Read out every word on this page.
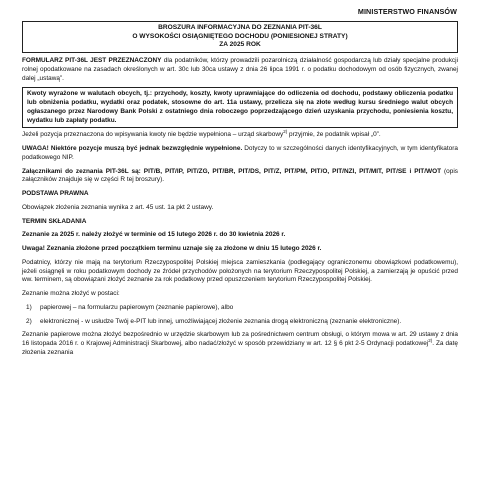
MINISTERSTWO FINANSÓW
BROSZURA INFORMACYJNA DO ZEZNANIA PIT-36L
O WYSOKOŚCI OSIĄGNIĘTEGO DOCHODU (PONIESIONEJ STRATY)
ZA 2025 ROK

FORMULARZ PIT-36L JEST PRZEZNACZONY dla podatników, którzy prowadzili pozarolniczą działalność gospodarczą lub działy specjalne produkcji rolnej opodatkowane na zasadach określonych w art. 30c lub 30ca ustawy z dnia 26 lipca 1991 r. o podatku dochodowym od osób fizycznych, zwanej dalej „ustawą”.

Kwoty wyrażone w walutach obcych, tj.: przychody, koszty, kwoty uprawniające do odliczenia od dochodu, podstawy obliczenia podatku lub obniżenia podatku, wydatki oraz podatek, stosowne do art. 11a ustawy, przelicza się na złote według kursu średniego walut obcych ogłaszanego przez Narodowy Bank Polski z ostatniego dnia roboczego poprzedzającego dzień uzyskania przychodu, poniesienia kosztu, wydatku lub zapłaty podatku.

Jeżeli pozycja przeznaczona do wpisywania kwoty nie będzie wypełniona – urząd skarbowy$^{2)}$ przyjmie, że podatnik wpisał „0”.

UWAGA! Niektóre pozycje muszą być jednak bezwzględnie wypełnione. Dotyczy to w szczególności danych identyfikacyjnych, w tym identyfikatora podatkowego NIP.

Załącznikami do zeznania PIT-36L są: PIT/B, PIT/IP, PIT/ZG, PIT/BR, PIT/DS, PIT/Z, PIT/PM, PIT/O, PIT/NZI, PIT/MIT, PIT/SE i PIT/WOT (opis załączników znajduje się w części R tej broszury).

PODSTAWA PRAWNA

Obowiązek złożenia zeznania wynika z art. 45 ust. 1a pkt 2 ustawy.

TERMIN SKŁADANIA

Zeznanie za 2025 r. należy złożyć w terminie od 15 lutego 2026 r. do 30 kwietnia 2026 r.

Uwaga! Zeznania złożone przed początkiem terminu uznaje się za złożone w dniu 15 lutego 2026 r.

Podatnicy, którzy nie mają na terytorium Rzeczypospolitej Polskiej miejsca zamieszkania (podlegający ograniczonemu obowiązkowi podatkowemu), jeżeli osiągnęli w roku podatkowym dochody ze źródeł przychodów położonych na terytorium Rzeczypospolitej Polskiej, a zamierzają je opuścić przed ww. terminem, są obowiązani złożyć zeznanie za rok podatkowy przed opuszczeniem terytorium Rzeczypospolitej Polskiej.

Zeznanie można złożyć w postaci:

1)	papierowej – na formularzu papierowym (zeznanie papierowe), albo
2)	elektronicznej - w usłudze Twój e-PIT lub innej, umożliwiającej złożenie zeznania drogą elektroniczną (zeznanie elektroniczne).

Zeznanie papierowe można złożyć bezpośrednio w urzędzie skarbowym lub za pośrednictwem centrum obsługi, o którym mowa w art. 29 ustawy z dnia 16 listopada 2016 r. o Krajowej Administracji Skarbowej, albo nadać/złożyć w sposób przewidziany w art. 12 § 6 pkt 2-5 Ordynacji podatkowej$^{2)}$. Za datę złożenia zeznania
